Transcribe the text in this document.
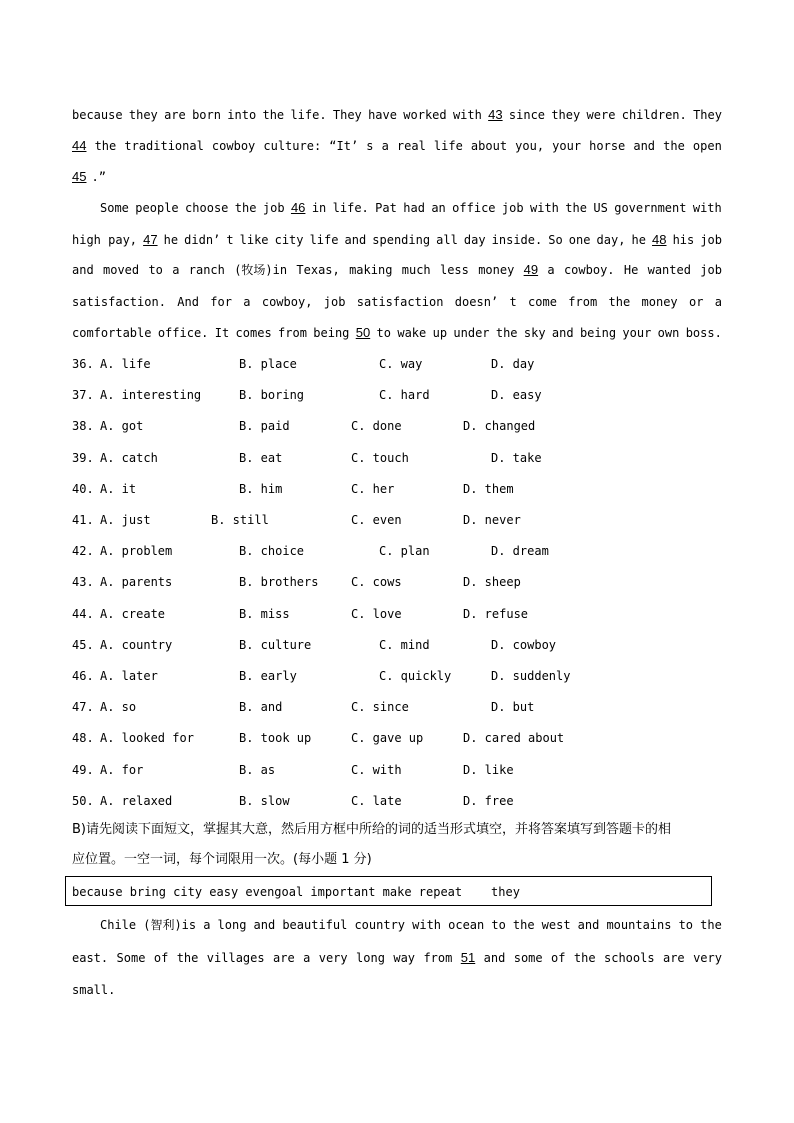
because they are born into the life. They have worked with 43 since they were children. They
44 the traditional cowboy culture: “It’ s a real life about you, your horse and the open
45 .”
Some people choose the job 46 in life. Pat had an office job with the US government with
high pay, 47 he didn’ t like city life and spending all day inside. So one day, he 48 his job
and moved to a ranch (牧场)in Texas, making much less money 49 a cowboy. He wanted job
satisfaction. And for a cowboy, job satisfaction doesn’ t come from the money or a
comfortable office. It comes from being 50 to wake up under the sky and being your own boss.
36. A. life	B. place	C. way	D. day
37. A. interesting	B. boring	C. hard	D. easy
38. A. got	B. paid	C. done	D. changed
39. A. catch	B. eat	C. touch	D. take
40. A. it	B. him	C. her	D. them
41. A. just	B. still	C. even	D. never
42. A. problem	B. choice	C. plan	D. dream
43. A. parents	B. brothers	C. cows	D. sheep
44. A. create	B. miss	C. love	D. refuse
45. A. country	B. culture	C. mind	D. cowboy
46. A. later	B. early	C. quickly	D. suddenly
47. A. so	B. and	C. since	D. but
48. A. looked for	B. took up	C. gave up	D. cared about
49. A. for	B. as	C. with	D. like
50. A. relaxed	B. slow	C. late	D. free
B)请先阅读下面短文，掌握其大意，然后用方框中所给的词的适当形式填空，并将答案填写到答题卡的相
应位置。一空一词，每个词限用一次。(每小题 1 分)
because bring city easy evengoal important make repeat    they
Chile (智利)is a long and beautiful country with ocean to the west and mountains to the
east. Some of the villages are a very long way from 51 and some of the schools are very
small.
